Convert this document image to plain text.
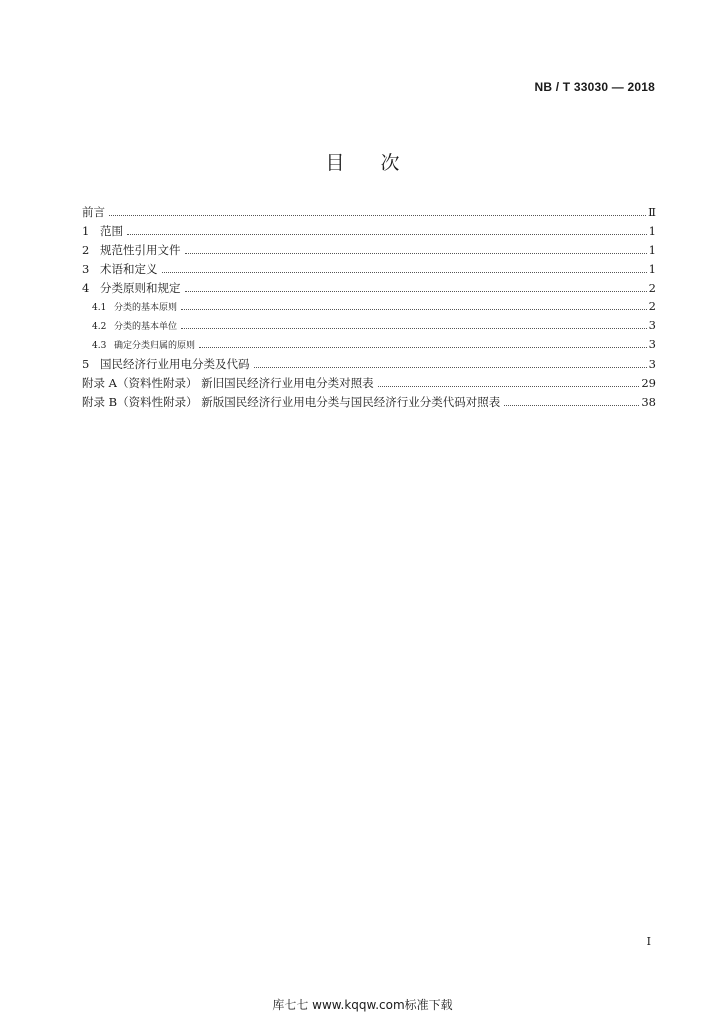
NB / T 33030 — 2018
目次
前言	Ⅱ
1 范围	1
2 规范性引用文件	1
3 术语和定义	1
4 分类原则和规定	2
4.1 分类的基本原则	2
4.2 分类的基本单位	3
4.3 确定分类归属的原则	3
5 国民经济行业用电分类及代码	3
附录 A（资料性附录） 新旧国民经济行业用电分类对照表	29
附录 B（资料性附录） 新版国民经济行业用电分类与国民经济行业分类代码对照表	38
I
库七七 www.kqqw.com标准下载
